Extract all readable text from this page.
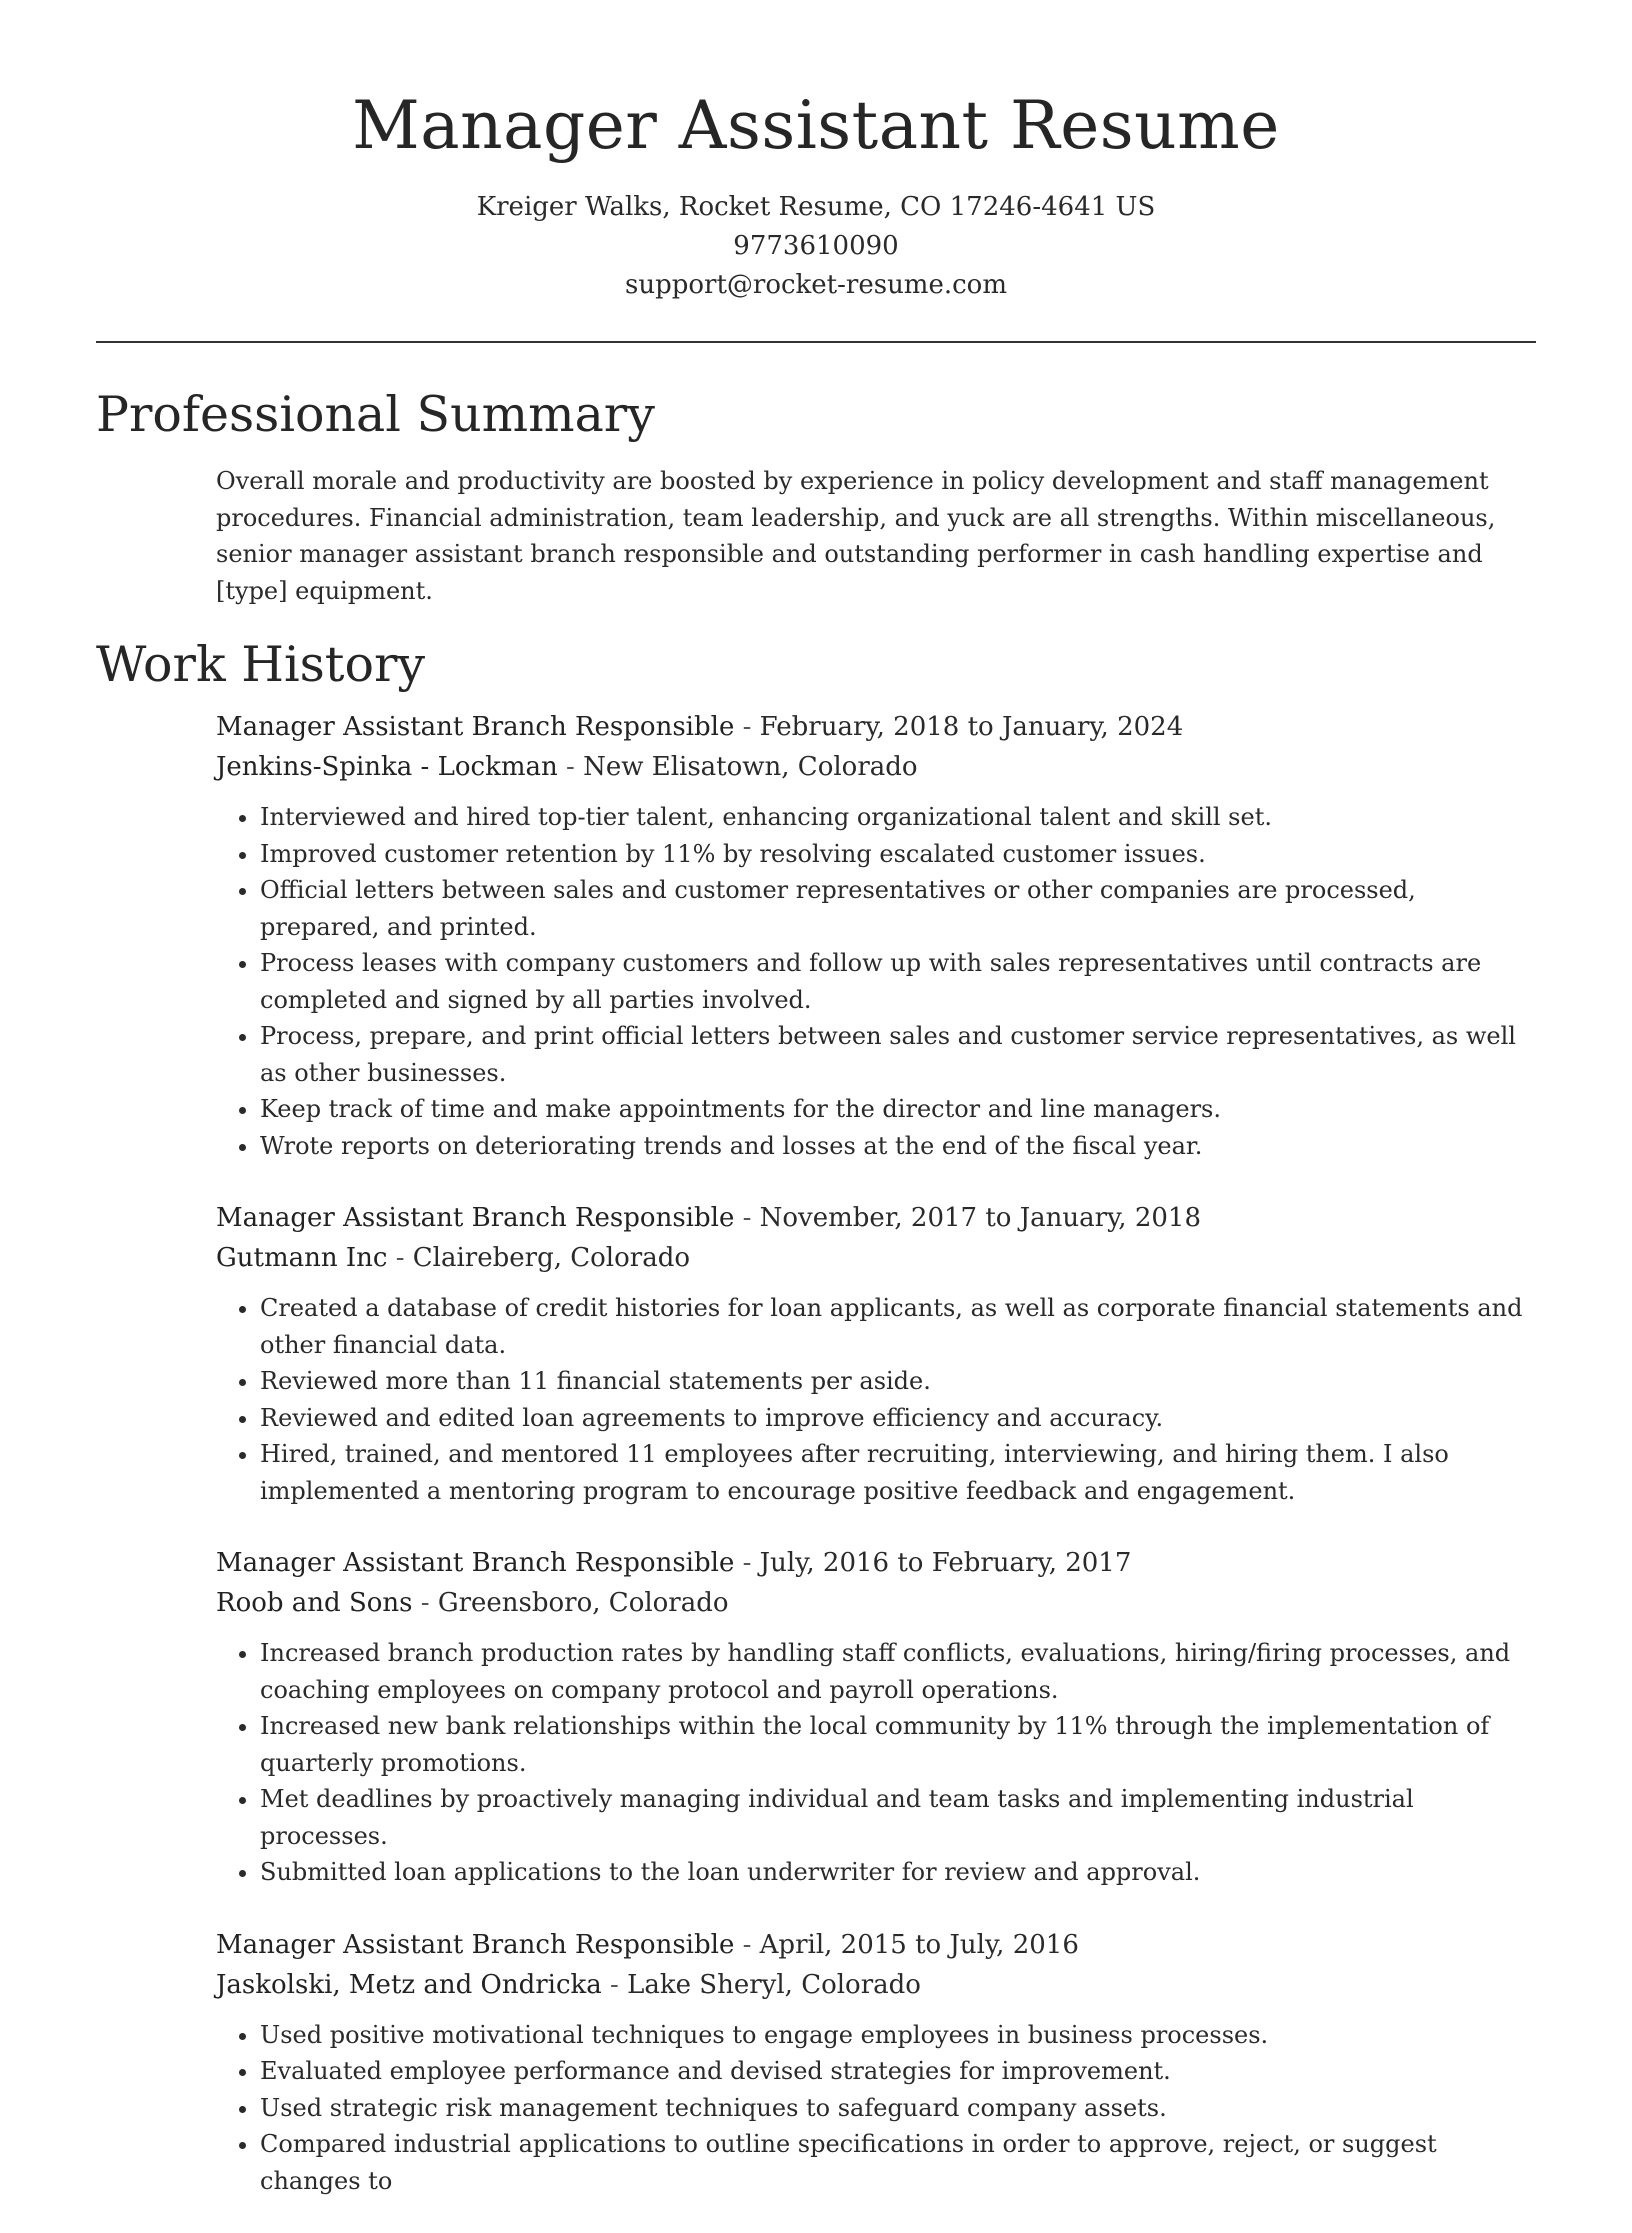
Manager Assistant Resume
Kreiger Walks, Rocket Resume, CO 17246-4641 US
9773610090
support@rocket-resume.com
Professional Summary

Overall morale and productivity are boosted by experience in policy development and staff management procedures. Financial administration, team leadership, and yuck are all strengths. Within miscellaneous, senior manager assistant branch responsible and outstanding performer in cash handling expertise and [type] equipment.

Work History
Manager Assistant Branch Responsible - February, 2018 to January, 2024
Jenkins-Spinka - Lockman - New Elisatown, Colorado
• Interviewed and hired top-tier talent, enhancing organizational talent and skill set.
• Improved customer retention by 11% by resolving escalated customer issues.
• Official letters between sales and customer representatives or other companies are processed, prepared, and printed.
• Process leases with company customers and follow up with sales representatives until contracts are completed and signed by all parties involved.
• Process, prepare, and print official letters between sales and customer service representatives, as well as other businesses.
• Keep track of time and make appointments for the director and line managers.
• Wrote reports on deteriorating trends and losses at the end of the fiscal year.
Manager Assistant Branch Responsible - November, 2017 to January, 2018
Gutmann Inc - Claireberg, Colorado
• Created a database of credit histories for loan applicants, as well as corporate financial statements and other financial data.
• Reviewed more than 11 financial statements per aside.
• Reviewed and edited loan agreements to improve efficiency and accuracy.
• Hired, trained, and mentored 11 employees after recruiting, interviewing, and hiring them. I also implemented a mentoring program to encourage positive feedback and engagement.
Manager Assistant Branch Responsible - July, 2016 to February, 2017
Roob and Sons - Greensboro, Colorado
• Increased branch production rates by handling staff conflicts, evaluations, hiring/firing processes, and coaching employees on company protocol and payroll operations.
• Increased new bank relationships within the local community by 11% through the implementation of quarterly promotions.
• Met deadlines by proactively managing individual and team tasks and implementing industrial processes.
• Submitted loan applications to the loan underwriter for review and approval.
Manager Assistant Branch Responsible - April, 2015 to July, 2016
Jaskolski, Metz and Ondricka - Lake Sheryl, Colorado
• Used positive motivational techniques to engage employees in business processes.
• Evaluated employee performance and devised strategies for improvement.
• Used strategic risk management techniques to safeguard company assets.
• Compared industrial applications to outline specifications in order to approve, reject, or suggest changes to
